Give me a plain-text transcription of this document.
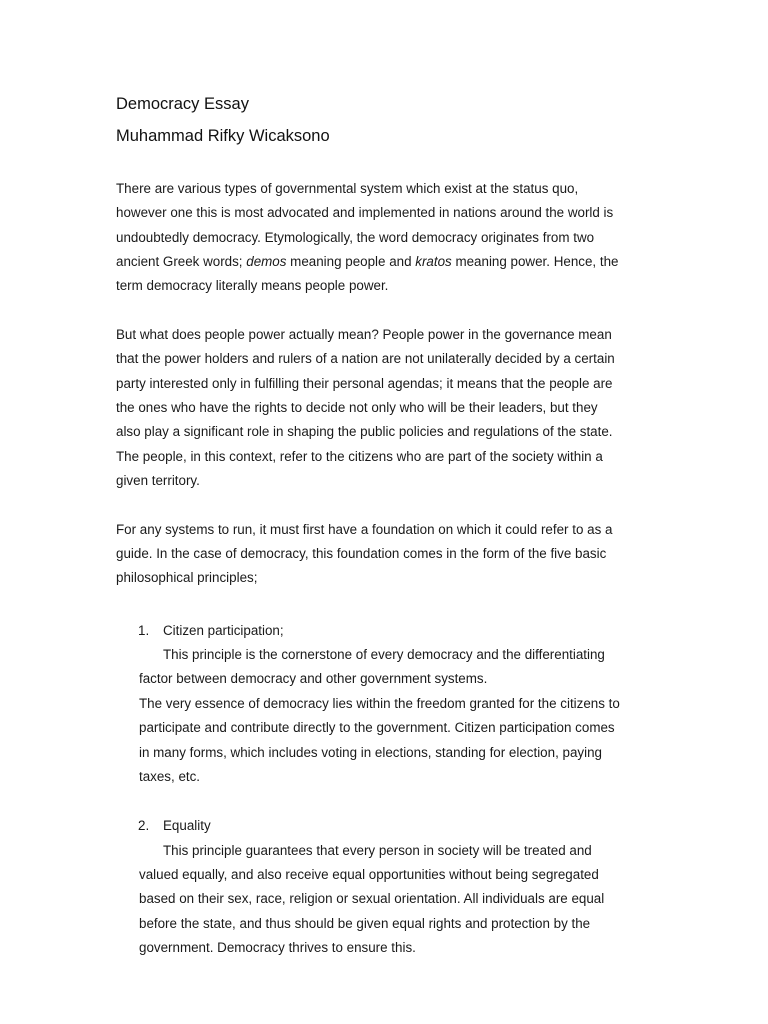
Democracy Essay
Muhammad Rifky Wicaksono
There are various types of governmental system which exist at the status quo,
however one this is most advocated and implemented in nations around the world is
undoubtedly democracy. Etymologically, the word democracy originates from two
ancient Greek words; demos meaning people and kratos meaning power. Hence, the
term democracy literally means people power.
But what does people power actually mean? People power in the governance mean
that the power holders and rulers of a nation are not unilaterally decided by a certain
party interested only in fulfilling their personal agendas; it means that the people are
the ones who have the rights to decide not only who will be their leaders, but they
also play a significant role in shaping the public policies and regulations of the state.
The people, in this context, refer to the citizens who are part of the society within a
given territory.
For any systems to run, it must first have a foundation on which it could refer to as a
guide. In the case of democracy, this foundation comes in the form of the five basic
philosophical principles;
1. Citizen participation;
This principle is the cornerstone of every democracy and the differentiating
factor between democracy and other government systems.
The very essence of democracy lies within the freedom granted for the citizens to
participate and contribute directly to the government. Citizen participation comes
in many forms, which includes voting in elections, standing for election, paying
taxes, etc.
2. Equality
This principle guarantees that every person in society will be treated and
valued equally, and also receive equal opportunities without being segregated
based on their sex, race, religion or sexual orientation. All individuals are equal
before the state, and thus should be given equal rights and protection by the
government. Democracy thrives to ensure this.
